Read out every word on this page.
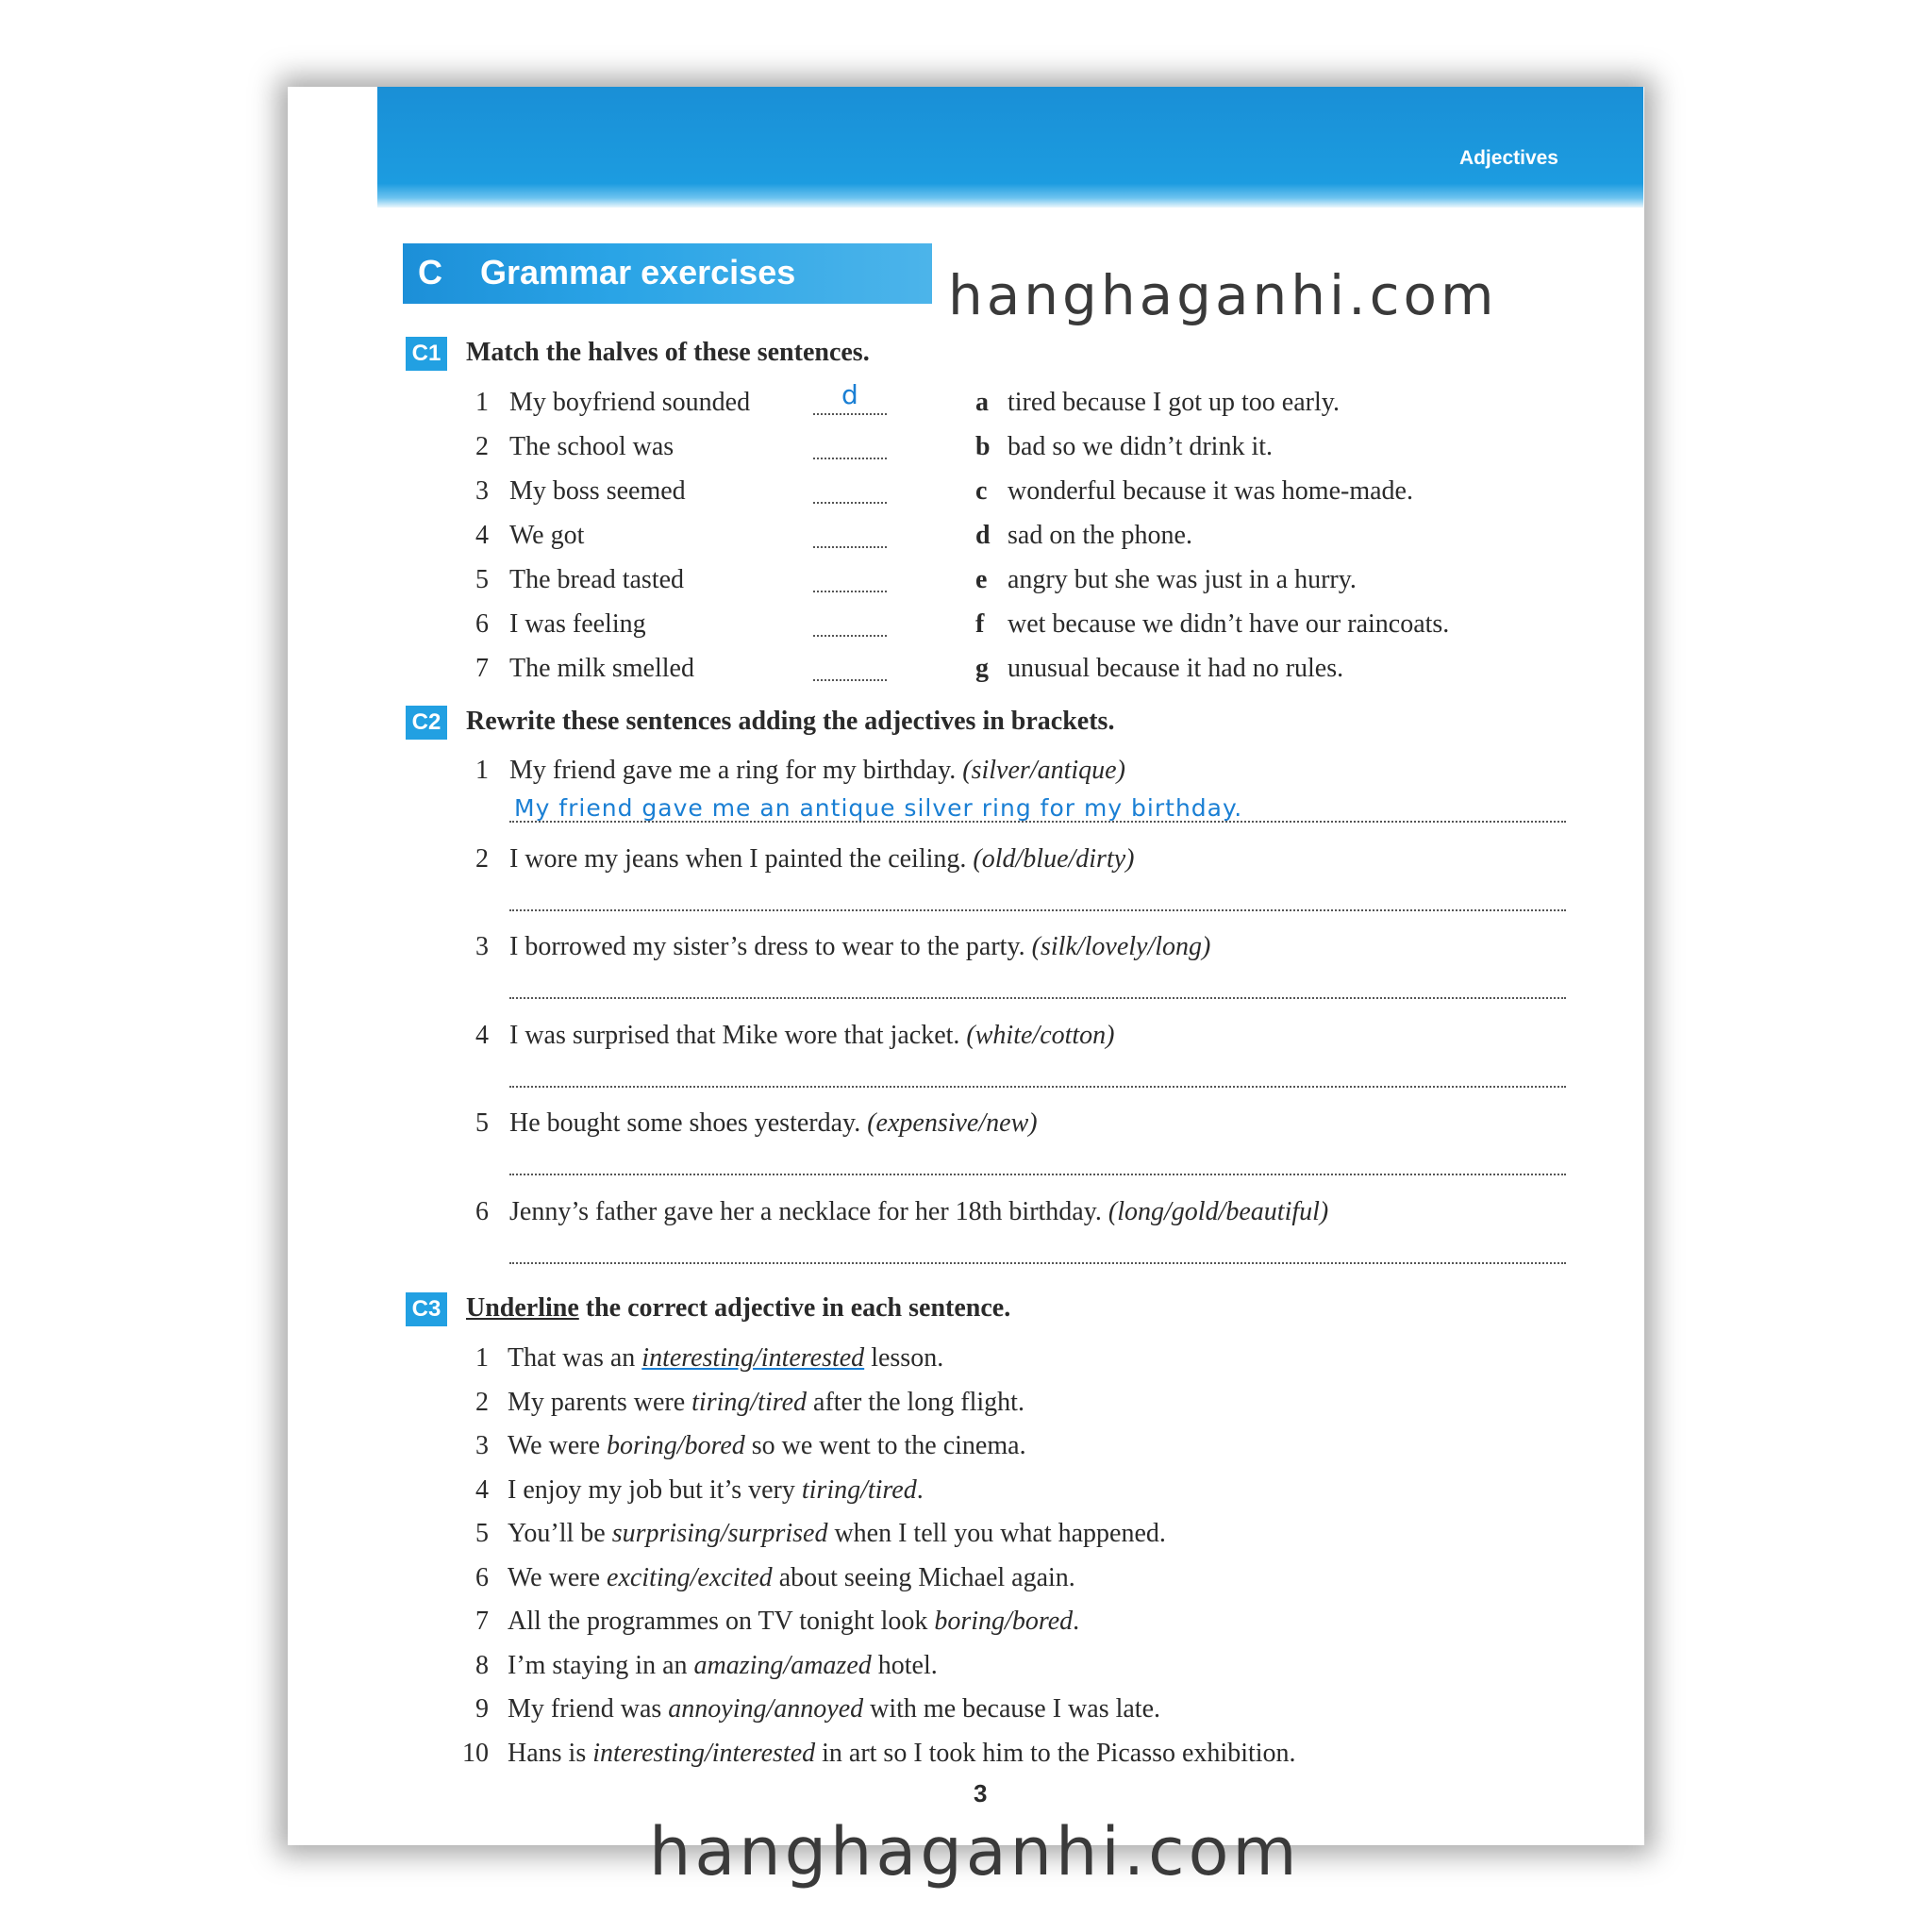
Adjectives
C Grammar exercises	hanghaganhi.com
C1 Match the halves of these sentences.
1 My boyfriend sounded	d
2 The school was
3 My boss seemed
4 We got
5 The bread tasted
6 I was feeling
7 The milk smelled
a tired because I got up too early.
b bad so we didn’t drink it.
c wonderful because it was home-made.
d sad on the phone.
e angry but she was just in a hurry.
f wet because we didn’t have our raincoats.
g unusual because it had no rules.
C2 Rewrite these sentences adding the adjectives in brackets.
1 My friend gave me a ring for my birthday. (silver/antique)
My friend gave me an antique silver ring for my birthday.
2 I wore my jeans when I painted the ceiling. (old/blue/dirty)
3 I borrowed my sister’s dress to wear to the party. (silk/lovely/long)
4 I was surprised that Mike wore that jacket. (white/cotton)
5 He bought some shoes yesterday. (expensive/new)
6 Jenny’s father gave her a necklace for her 18th birthday. (long/gold/beautiful)
C3 Underline the correct adjective in each sentence.
1 That was an interesting/interested lesson.
2 My parents were tiring/tired after the long flight.
3 We were boring/bored so we went to the cinema.
4 I enjoy my job but it’s very tiring/tired.
5 You’ll be surprising/surprised when I tell you what happened.
6 We were exciting/excited about seeing Michael again.
7 All the programmes on TV tonight look boring/bored.
8 I’m staying in an amazing/amazed hotel.
9 My friend was annoying/annoyed with me because I was late.
10 Hans is interesting/interested in art so I took him to the Picasso exhibition.
3
hanghaganhi.com
